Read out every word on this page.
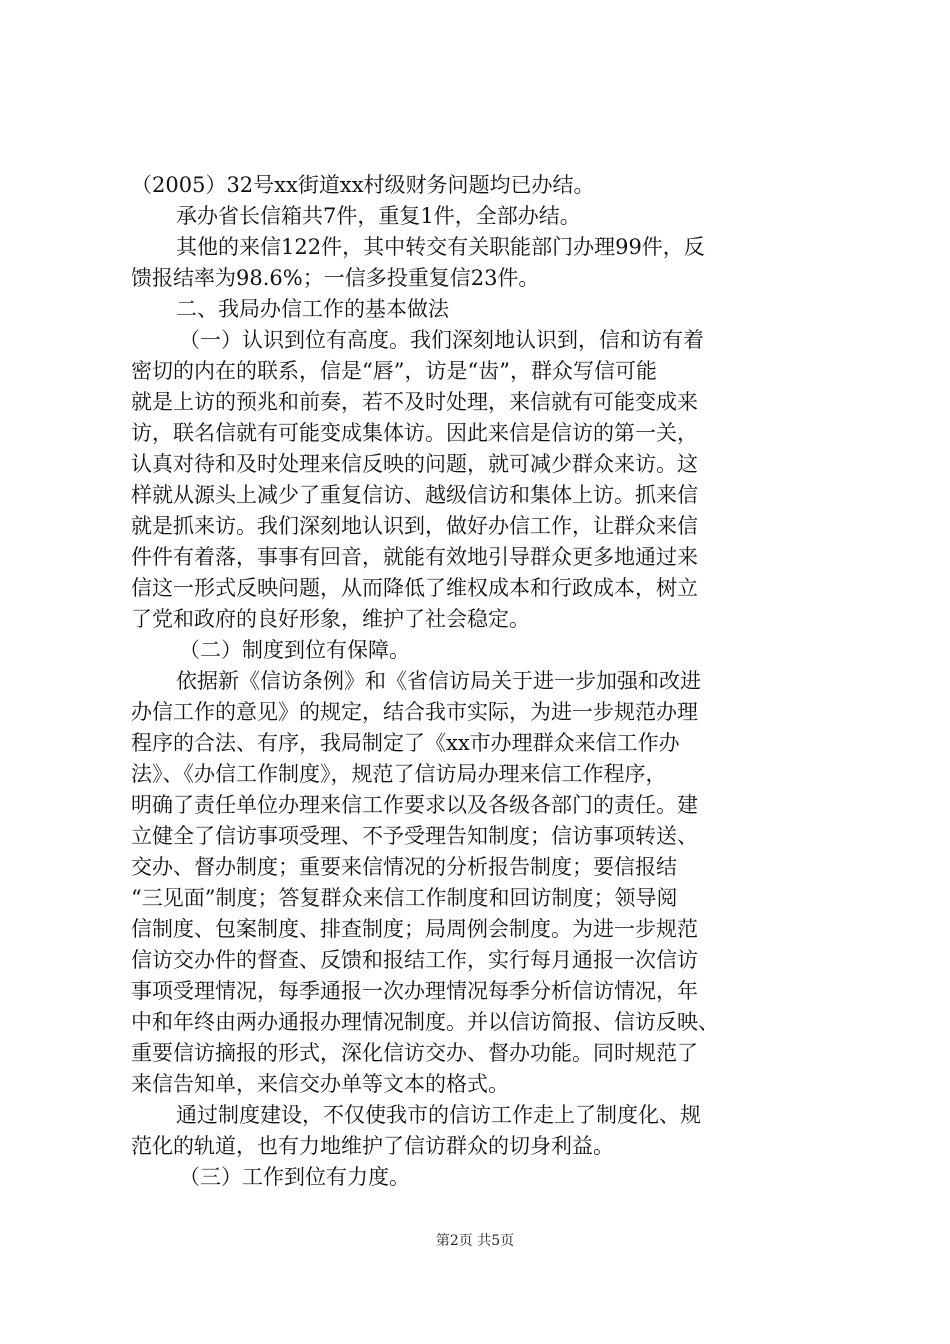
（2005）32号xx街道xx村级财务问题均已办结。
承办省长信箱共7件，重复1件，全部办结。
其他的来信122件，其中转交有关职能部门办理99件，反
馈报结率为98.6%；一信多投重复信23件。
二、我局办信工作的基本做法
（一）认识到位有高度。我们深刻地认识到，信和访有着
密切的内在的联系，信是“唇”，访是“齿”，群众写信可能
就是上访的预兆和前奏，若不及时处理，来信就有可能变成来
访，联名信就有可能变成集体访。因此来信是信访的第一关，
认真对待和及时处理来信反映的问题，就可减少群众来访。这
样就从源头上减少了重复信访、越级信访和集体上访。抓来信
就是抓来访。我们深刻地认识到，做好办信工作，让群众来信
件件有着落，事事有回音，就能有效地引导群众更多地通过来
信这一形式反映问题，从而降低了维权成本和行政成本，树立
了党和政府的良好形象，维护了社会稳定。
（二）制度到位有保障。
依据新《信访条例》和《省信访局关于进一步加强和改进
办信工作的意见》的规定，结合我市实际，为进一步规范办理
程序的合法、有序，我局制定了《xx市办理群众来信工作办
法》、《办信工作制度》，规范了信访局办理来信工作程序，
明确了责任单位办理来信工作要求以及各级各部门的责任。建
立健全了信访事项受理、不予受理告知制度；信访事项转送、
交办、督办制度；重要来信情况的分析报告制度；要信报结
“三见面”制度；答复群众来信工作制度和回访制度；领导阅
信制度、包案制度、排查制度；局周例会制度。为进一步规范
信访交办件的督查、反馈和报结工作，实行每月通报一次信访
事项受理情况，每季通报一次办理情况每季分析信访情况，年
中和年终由两办通报办理情况制度。并以信访简报、信访反映、
重要信访摘报的形式，深化信访交办、督办功能。同时规范了
来信告知单，来信交办单等文本的格式。
通过制度建设，不仅使我市的信访工作走上了制度化、规
范化的轨道，也有力地维护了信访群众的切身利益。
（三）工作到位有力度。
第2页 共5页
